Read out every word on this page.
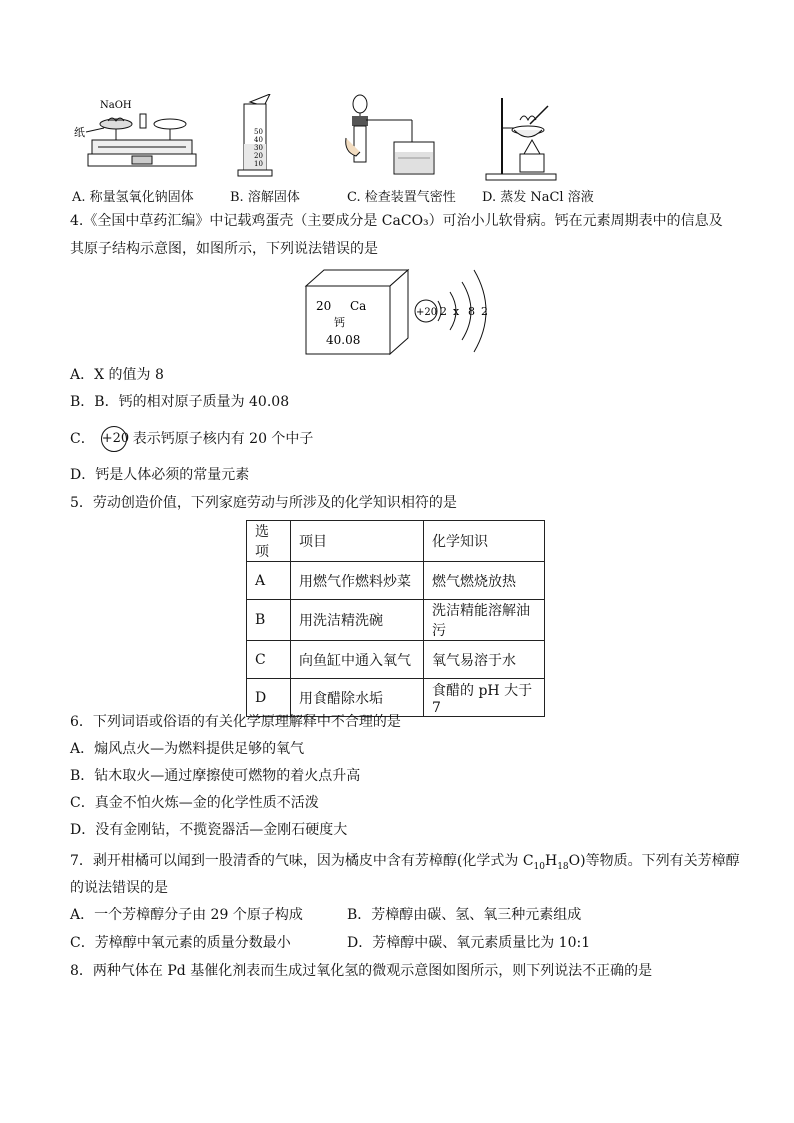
NaOH
纸	50
40
30
20
10
A. 称量氢氧化钠固体	B. 溶解固体	C. 检查装置气密性 D. 蒸发 NaCl 溶液
4.《全国中草药汇编》中记载鸡蛋壳（主要成分是 CaCO₃）可治小儿软骨病。钙在元素周期表中的信息及
其原子结构示意图，如图所示，下列说法错误的是
20 Ca
钙
40.08
+20 2 x 8 2
A．X 的值为 8
B．B．钙的相对原子质量为 40.08
C． +20 表示钙原子核内有 20 个中子
D．钙是人体必须的常量元素
5．劳动创造价值，下列家庭劳动与所涉及的化学知识相符的是
选项	项目	化学知识
A	用燃气作燃料炒菜	燃气燃烧放热
B	用洗洁精洗碗	洗洁精能溶解油污
C	向鱼缸中通入氧气	氧气易溶于水
D	用食醋除水垢	食醋的 pH 大于 7
6．下列词语或俗语的有关化学原理解释中不合理的是
A．煽风点火—为燃料提供足够的氧气
B．钻木取火—通过摩擦使可燃物的着火点升高
C．真金不怕火炼—金的化学性质不活泼
D．没有金刚钻，不揽瓷器活—金刚石硬度大
7．剥开柑橘可以闻到一股清香的气味，因为橘皮中含有芳樟醇(化学式为 $C_{10}H_{18}O$)等物质。下列有关芳樟醇
的说法错误的是
A．一个芳樟醇分子由 29 个原子构成	B．芳樟醇由碳、氢、氧三种元素组成
C．芳樟醇中氧元素的质量分数最小	D．芳樟醇中碳、氧元素质量比为 10:1
8．两种气体在 Pd 基催化剂表而生成过氧化氢的微观示意图如图所示，则下列说法不正确的是
